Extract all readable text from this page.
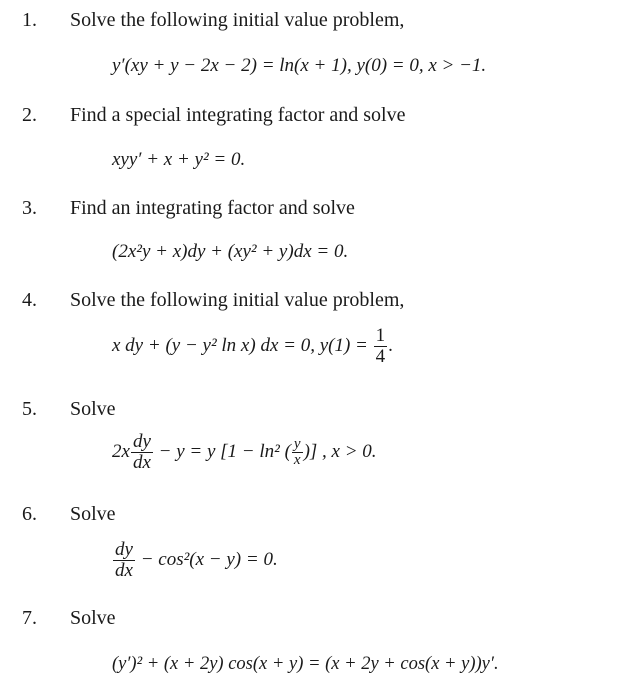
1. Solve the following initial value problem,
y′(xy + y − 2x − 2) = ln(x + 1), y(0) = 0, x > −1.
2. Find a special integrating factor and solve
xyy′ + x + y² = 0.
3. Find an integrating factor and solve
(2x²y + x)dy + (xy² + y)dx = 0.
4. Solve the following initial value problem,
x dy + (y − y² ln x) dx = 0, $y(1) = \frac{1}{4}$ .
5. Solve
$2x \frac{dy}{dx} - y = y$ [1 − ln² ( $\frac{y}{x}$ )] , x > 0.
6. Solve
$\frac{dy}{dx} - \cos^2(x - y) = 0$.
7. Solve
(y′)² + (x + 2y) cos(x + y) = (x + 2y + cos(x + y))y′.
